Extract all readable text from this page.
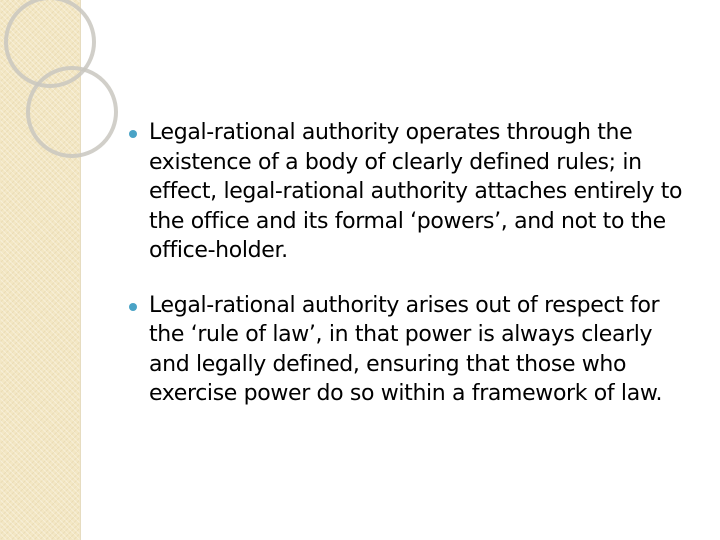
Legal-rational authority operates through the existence of a body of clearly defined rules; in effect, legal-rational authority attaches entirely to the office and its formal ‘powers’, and not to the office-holder.
Legal-rational authority arises out of respect for the ‘rule of law’, in that power is always clearly and legally defined, ensuring that those who exercise power do so within a framework of law.
